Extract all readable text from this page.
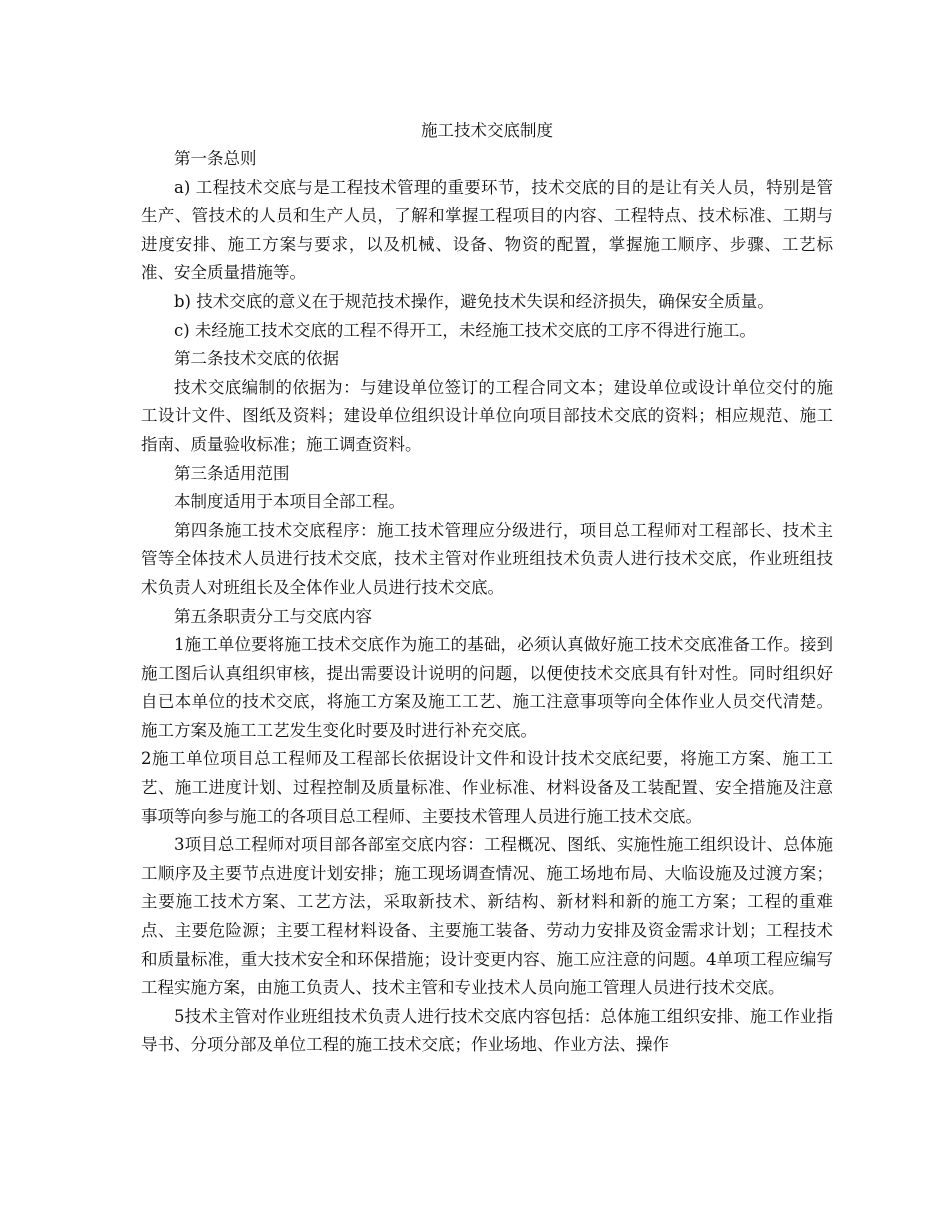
施工技术交底制度

第一条总则

a) 工程技术交底与是工程技术管理的重要环节，技术交底的目的是让有关人员，特别是管生产、管技术的人员和生产人员，了解和掌握工程项目的内容、工程特点、技术标准、工期与进度安排、施工方案与要求，以及机械、设备、物资的配置，掌握施工顺序、步骤、工艺标准、安全质量措施等。

b) 技术交底的意义在于规范技术操作，避免技术失误和经济损失，确保安全质量。

c) 未经施工技术交底的工程不得开工，未经施工技术交底的工序不得进行施工。

第二条技术交底的依据

技术交底编制的依据为：与建设单位签订的工程合同文本；建设单位或设计单位交付的施工设计文件、图纸及资料；建设单位组织设计单位向项目部技术交底的资料；相应规范、施工指南、质量验收标准；施工调查资料。

第三条适用范围

本制度适用于本项目全部工程。

第四条施工技术交底程序：施工技术管理应分级进行，项目总工程师对工程部长、技术主管等全体技术人员进行技术交底，技术主管对作业班组技术负责人进行技术交底，作业班组技术负责人对班组长及全体作业人员进行技术交底。

第五条职责分工与交底内容

1施工单位要将施工技术交底作为施工的基础，必须认真做好施工技术交底准备工作。接到施工图后认真组织审核，提出需要设计说明的问题，以便使技术交底具有针对性。同时组织好自已本单位的技术交底，将施工方案及施工工艺、施工注意事项等向全体作业人员交代清楚。施工方案及施工工艺发生变化时要及时进行补充交底。

2施工单位项目总工程师及工程部长依据设计文件和设计技术交底纪要，将施工方案、施工工艺、施工进度计划、过程控制及质量标准、作业标准、材料设备及工装配置、安全措施及注意事项等向参与施工的各项目总工程师、主要技术管理人员进行施工技术交底。

3项目总工程师对项目部各部室交底内容：工程概况、图纸、实施性施工组织设计、总体施工顺序及主要节点进度计划安排；施工现场调查情况、施工场地布局、大临设施及过渡方案；主要施工技术方案、工艺方法，采取新技术、新结构、新材料和新的施工方案；工程的重难点、主要危险源；主要工程材料设备、主要施工装备、劳动力安排及资金需求计划；工程技术和质量标准，重大技术安全和环保措施；设计变更内容、施工应注意的问题。4单项工程应编写工程实施方案，由施工负责人、技术主管和专业技术人员向施工管理人员进行技术交底。

5技术主管对作业班组技术负责人进行技术交底内容包括：总体施工组织安排、施工作业指导书、分项分部及单位工程的施工技术交底；作业场地、作业方法、操作
